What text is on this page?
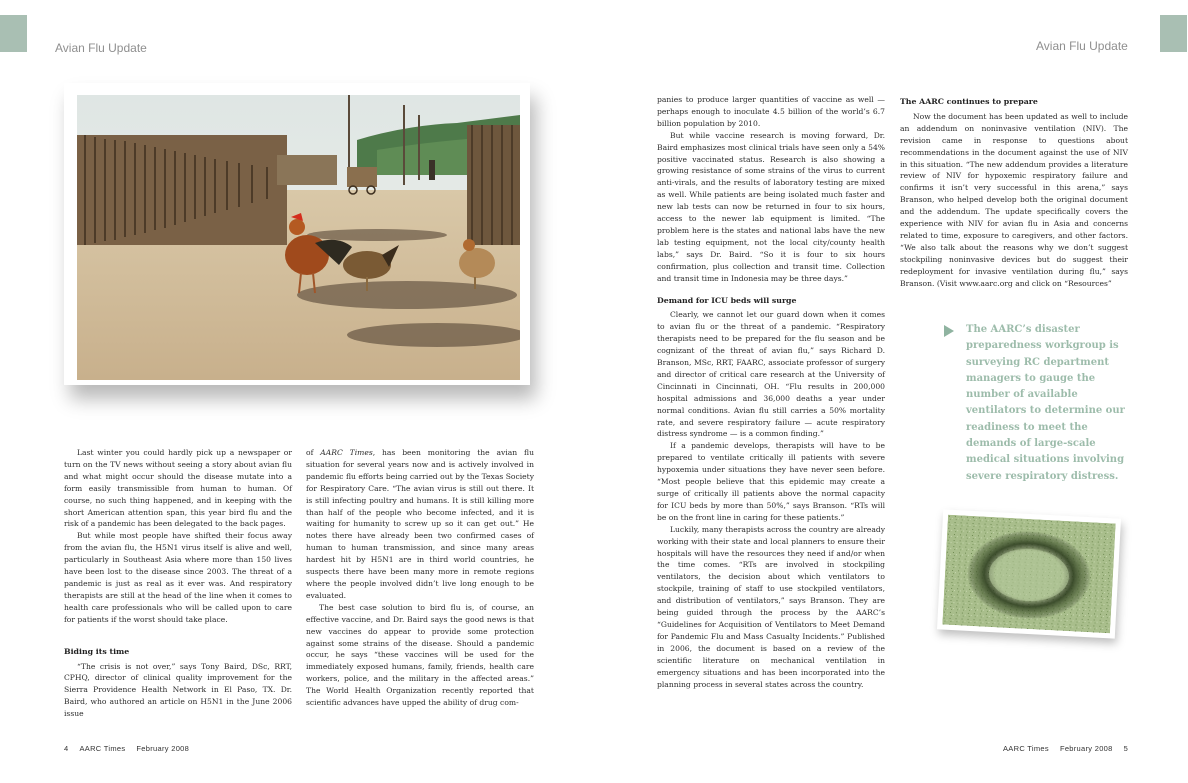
Avian Flu Update	Avian Flu Update

Last winter you could hardly pick up a newspaper or turn on the TV news without seeing a story about avian flu and what might occur should the disease mutate into a form easily transmissible from human to human. Of course, no such thing happened, and in keeping with the short American attention span, this year bird flu and the risk of a pandemic has been delegated to the back pages.

But while most people have shifted their focus away from the avian flu, the H5N1 virus itself is alive and well, particularly in Southeast Asia where more than 150 lives have been lost to the disease since 2003. The threat of a pandemic is just as real as it ever was. And respiratory therapists are still at the head of the line when it comes to health care professionals who will be called upon to care for patients if the worst should take place.

Biding its time

“The crisis is not over,” says Tony Baird, DSc, RRT, CPHQ, director of clinical quality improvement for the Sierra Providence Health Network in El Paso, TX. Dr. Baird, who authored an article on H5N1 in the June 2006 issue

of AARC Times, has been monitoring the avian flu situation for several years now and is actively involved in pandemic flu efforts being carried out by the Texas Society for Respiratory Care. “The avian virus is still out there. It is still infecting poultry and humans. It is still killing more than half of the people who become infected, and it is waiting for humanity to screw up so it can get out.” He notes there have already been two confirmed cases of human to human transmission, and since many areas hardest hit by H5N1 are in third world countries, he suspects there have been many more in remote regions where the people involved didn’t live long enough to be evaluated.

The best case solution to bird flu is, of course, an effective vaccine, and Dr. Baird says the good news is that new vaccines do appear to provide some protection against some strains of the disease. Should a pandemic occur, he says “these vaccines will be used for the immediately exposed humans, family, friends, health care workers, police, and the military in the affected areas.” The World Health Organization recently reported that scientific advances have upped the ability of drug com-

panies to produce larger quantities of vaccine as well — perhaps enough to inoculate 4.5 billion of the world’s 6.7 billion population by 2010.

But while vaccine research is moving forward, Dr. Baird emphasizes most clinical trials have seen only a 54% positive vaccinated status. Research is also showing a growing resistance of some strains of the virus to current anti-virals, and the results of laboratory testing are mixed as well. While patients are being isolated much faster and new lab tests can now be returned in four to six hours, access to the newer lab equipment is limited. “The problem here is the states and national labs have the new lab testing equipment, not the local city/county health labs,” says Dr. Baird. “So it is four to six hours confirmation, plus collection and transit time. Collection and transit time in Indonesia may be three days.”

Demand for ICU beds will surge

Clearly, we cannot let our guard down when it comes to avian flu or the threat of a pandemic. “Respiratory therapists need to be prepared for the flu season and be cognizant of the threat of avian flu,” says Richard D. Branson, MSc, RRT, FAARC, associate professor of surgery and director of critical care research at the University of Cincinnati in Cincinnati, OH. “Flu results in 200,000 hospital admissions and 36,000 deaths a year under normal conditions. Avian flu still carries a 50% mortality rate, and severe respiratory failure — acute respiratory distress syndrome — is a common finding.”

If a pandemic develops, therapists will have to be prepared to ventilate critically ill patients with severe hypoxemia under situations they have never seen before. “Most people believe that this epidemic may create a surge of critically ill patients above the normal capacity for ICU beds by more than 50%,” says Branson. “RTs will be on the front line in caring for these patients.”

Luckily, many therapists across the country are already working with their state and local planners to ensure their hospitals will have the resources they need if and/or when the time comes. “RTs are involved in stockpiling ventilators, the decision about which ventilators to stockpile, training of staff to use stockpiled ventilators, and distribution of ventilators,” says Branson. They are being guided through the process by the AARC’s “Guidelines for Acquisition of Ventilators to Meet Demand for Pandemic Flu and Mass Casualty Incidents.” Published in 2006, the document is based on a review of the scientific literature on mechanical ventilation in emergency situations and has been incorporated into the planning process in several states across the country.

The AARC continues to prepare

Now the document has been updated as well to include an addendum on noninvasive ventilation (NIV). The revision came in response to questions about recommendations in the document against the use of NIV in this situation. “The new addendum provides a literature review of NIV for hypoxemic respiratory failure and confirms it isn’t very successful in this arena,” says Branson, who helped develop both the original document and the addendum. The update specifically covers the experience with NIV for avian flu in Asia and concerns related to time, exposure to caregivers, and other factors. “We also talk about the reasons why we don’t suggest stockpiling noninvasive devices but do suggest their redeployment for invasive ventilation during flu,” says Branson. (Visit www.aarc.org and click on “Resources”

The AARC’s disaster preparedness workgroup is surveying RC department managers to gauge the number of available ventilators to determine our readiness to meet the demands of large-scale medical situations involving severe respiratory distress.
4 AARC Times February 2008	AARC Times February 2008 5
